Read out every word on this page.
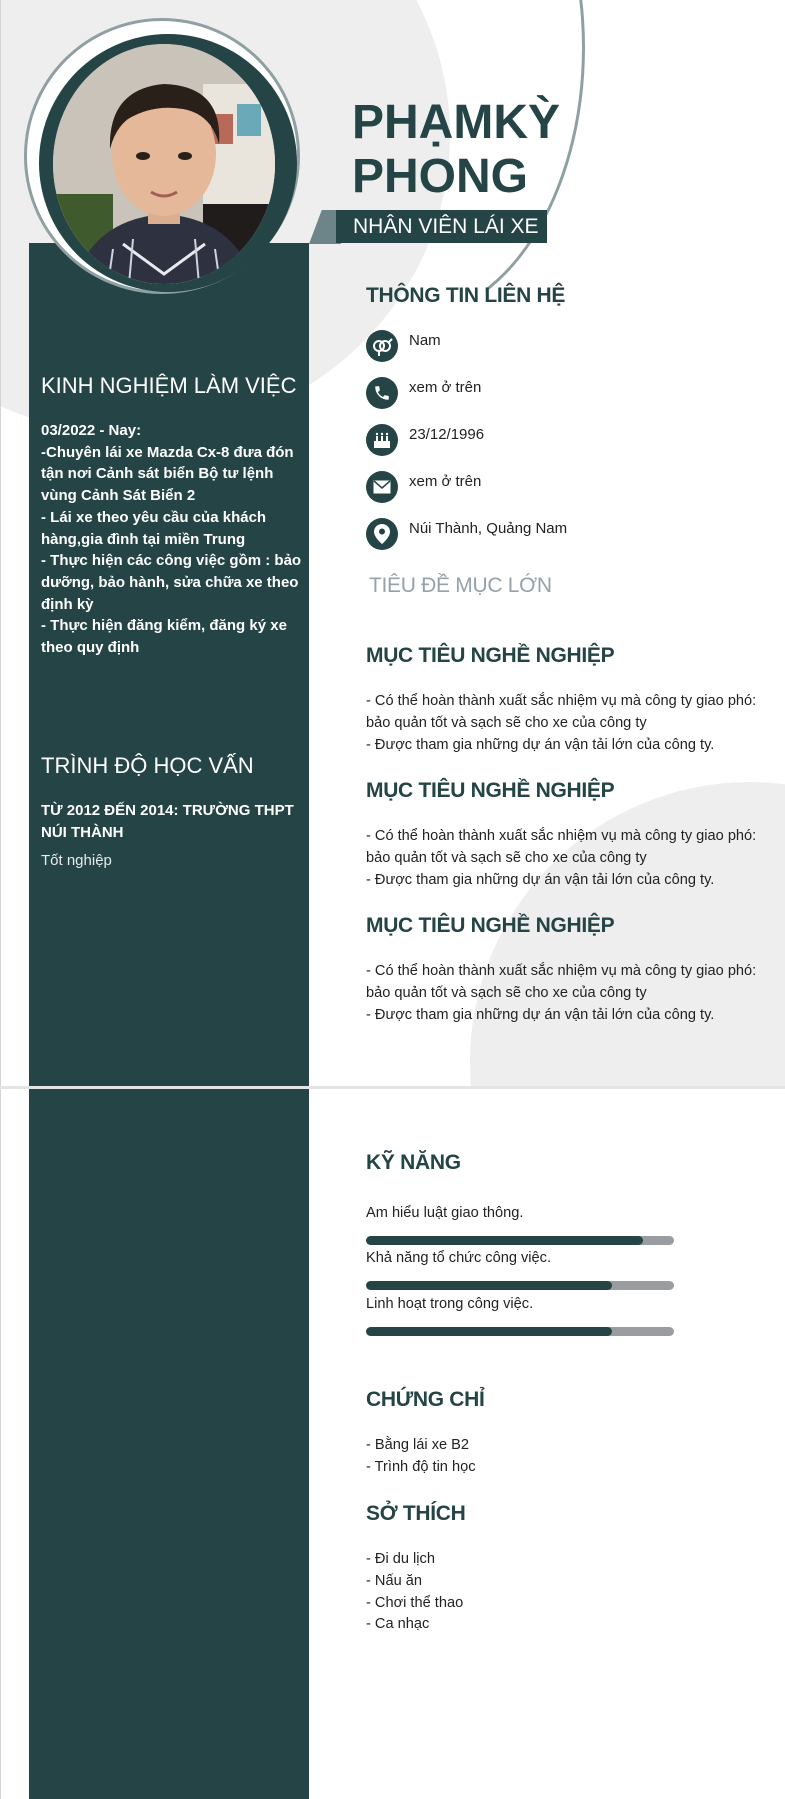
PHẠMKỲ
PHONG
NHÂN VIÊN LÁI XE
KINH NGHIỆM LÀM VIỆC
03/2022 - Nay:
-Chuyên lái xe Mazda Cx-8 đưa đón tận nơi Cảnh sát biển Bộ tư lệnh vùng Cảnh Sát Biển 2
- Lái xe theo yêu cầu của khách hàng,gia đình tại miền Trung
- Thực hiện các công việc gồm : bảo dưỡng, bảo hành, sửa chữa xe theo định kỳ
- Thực hiện đăng kiểm, đăng ký xe theo quy định
TRÌNH ĐỘ HỌC VẤN
TỪ 2012 ĐẾN 2014: TRƯỜNG THPT NÚI THÀNH
Tốt nghiệp
THÔNG TIN LIÊN HỆ
Nam
xem ở trên
23/12/1996
xem ở trên
Núi Thành, Quảng Nam
TIÊU ĐỀ MỤC LỚN
MỤC TIÊU NGHỀ NGHIỆP
- Có thể hoàn thành xuất sắc nhiệm vụ mà công ty giao phó: bảo quản tốt và sạch sẽ cho xe của công ty
- Được tham gia những dự án vận tải lớn của công ty.
MỤC TIÊU NGHỀ NGHIỆP
- Có thể hoàn thành xuất sắc nhiệm vụ mà công ty giao phó: bảo quản tốt và sạch sẽ cho xe của công ty
- Được tham gia những dự án vận tải lớn của công ty.
MỤC TIÊU NGHỀ NGHIỆP
- Có thể hoàn thành xuất sắc nhiệm vụ mà công ty giao phó: bảo quản tốt và sạch sẽ cho xe của công ty
- Được tham gia những dự án vận tải lớn của công ty.
KỸ NĂNG
Am hiểu luật giao thông.
Khả năng tổ chức công việc.
Linh hoạt trong công việc.
CHỨNG CHỈ
- Bằng lái xe B2
- Trình độ tin học
SỞ THÍCH
- Đi du lịch
- Nấu ăn
- Chơi thể thao
- Ca nhạc
